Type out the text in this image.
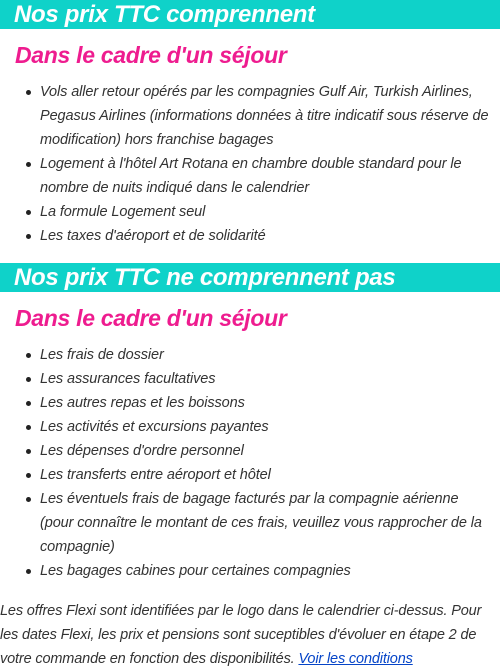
Nos prix TTC comprennent
Dans le cadre d'un séjour
Vols aller retour opérés par les compagnies Gulf Air, Turkish Airlines, Pegasus Airlines (informations données à titre indicatif sous réserve de modification) hors franchise bagages
Logement à l'hôtel Art Rotana en chambre double standard pour le nombre de nuits indiqué dans le calendrier
La formule Logement seul
Les taxes d'aéroport et de solidarité
Nos prix TTC ne comprennent pas
Dans le cadre d'un séjour
Les frais de dossier
Les assurances facultatives
Les autres repas et les boissons
Les activités et excursions payantes
Les dépenses d'ordre personnel
Les transferts entre aéroport et hôtel
Les éventuels frais de bagage facturés par la compagnie aérienne (pour connaître le montant de ces frais, veuillez vous rapprocher de la compagnie)
Les bagages cabines pour certaines compagnies

Les offres Flexi sont identifiées par le logo dans le calendrier ci-dessus. Pour les dates Flexi, les prix et pensions sont suceptibles d'évoluer en étape 2 de votre commande en fonction des disponibilités. Voir les conditions
